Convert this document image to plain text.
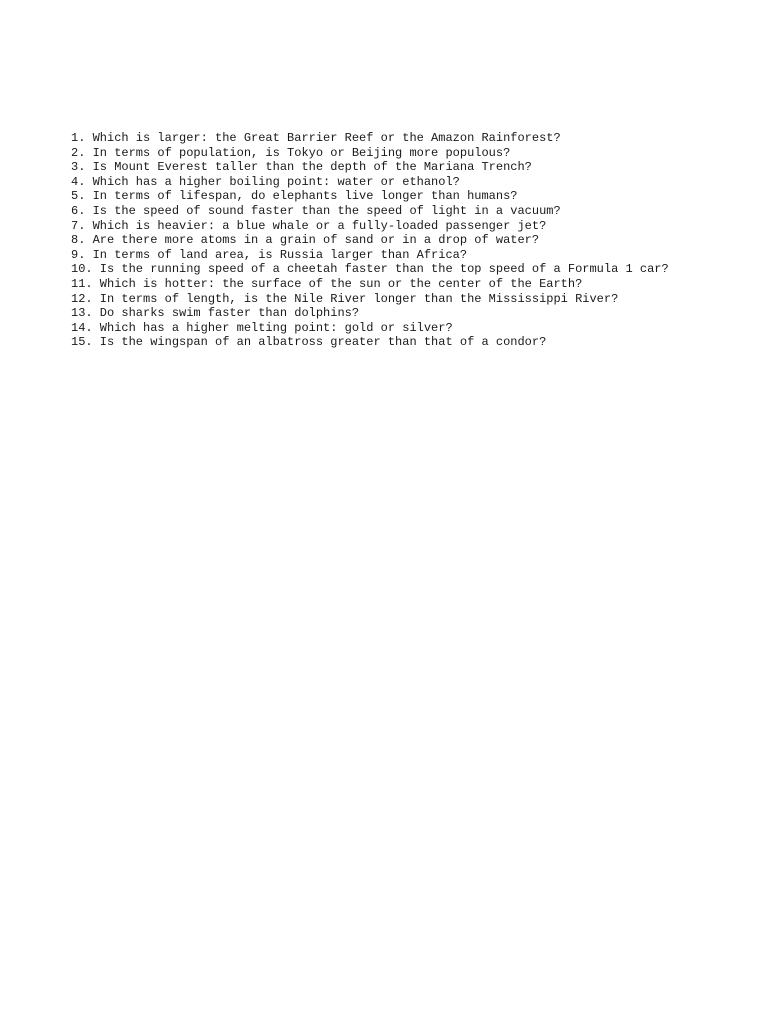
1. Which is larger: the Great Barrier Reef or the Amazon Rainforest?
2. In terms of population, is Tokyo or Beijing more populous?
3. Is Mount Everest taller than the depth of the Mariana Trench?
4. Which has a higher boiling point: water or ethanol?
5. In terms of lifespan, do elephants live longer than humans?
6. Is the speed of sound faster than the speed of light in a vacuum?
7. Which is heavier: a blue whale or a fully-loaded passenger jet?
8. Are there more atoms in a grain of sand or in a drop of water?
9. In terms of land area, is Russia larger than Africa?
10. Is the running speed of a cheetah faster than the top speed of a Formula 1 car?
11. Which is hotter: the surface of the sun or the center of the Earth?
12. In terms of length, is the Nile River longer than the Mississippi River?
13. Do sharks swim faster than dolphins?
14. Which has a higher melting point: gold or silver?
15. Is the wingspan of an albatross greater than that of a condor?
